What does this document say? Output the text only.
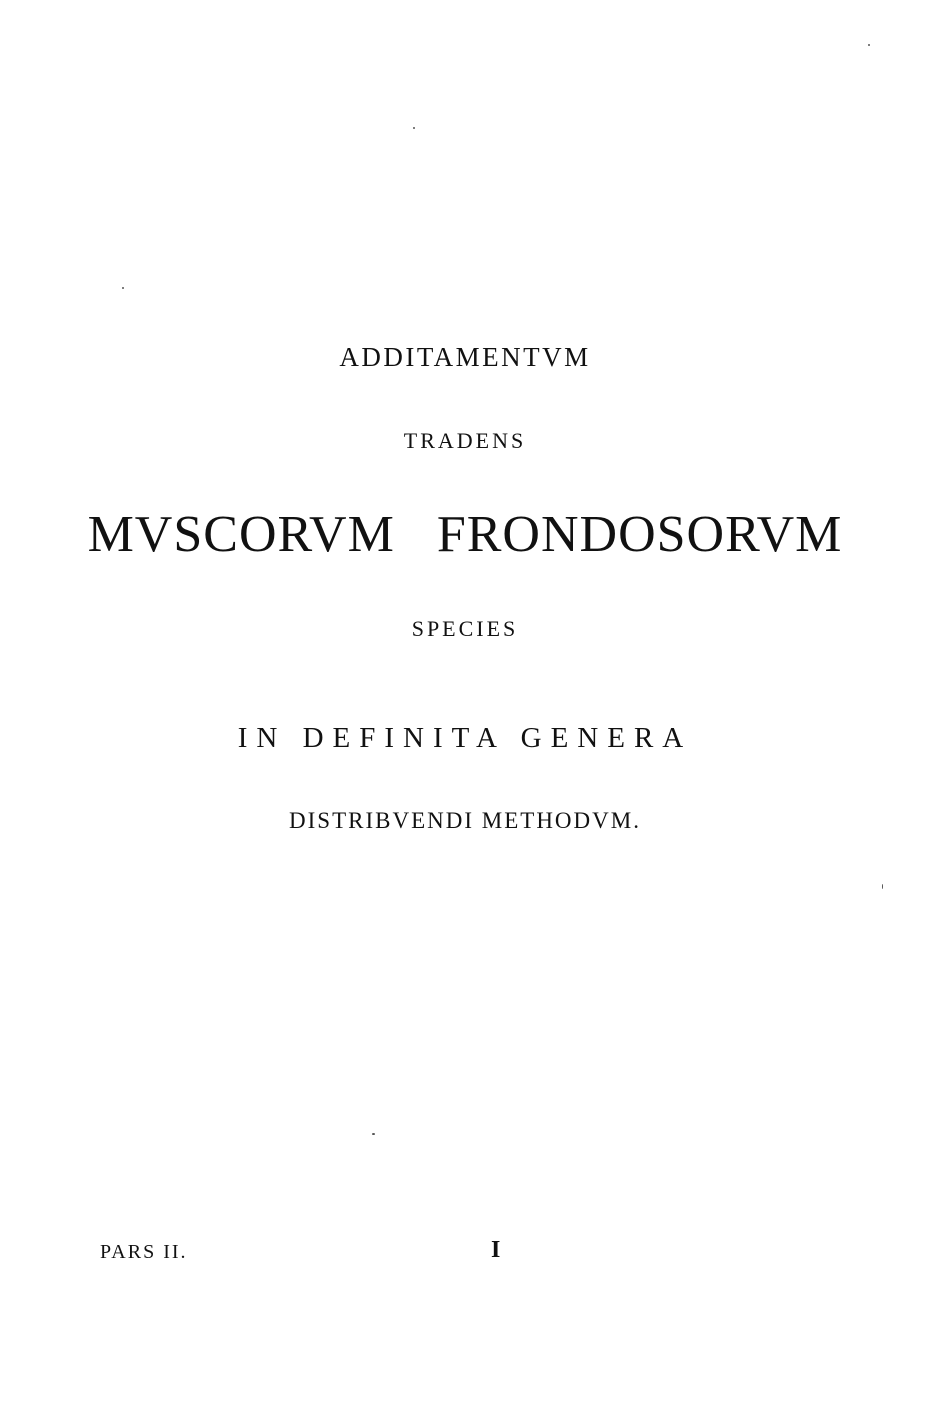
ADDITAMENTVM
TRADENS
MVSCORVM   FRONDOSORVM
SPECIES
IN DEFINITA GENERA
DISTRIBVENDI METHODVM.
PARS II.	I
